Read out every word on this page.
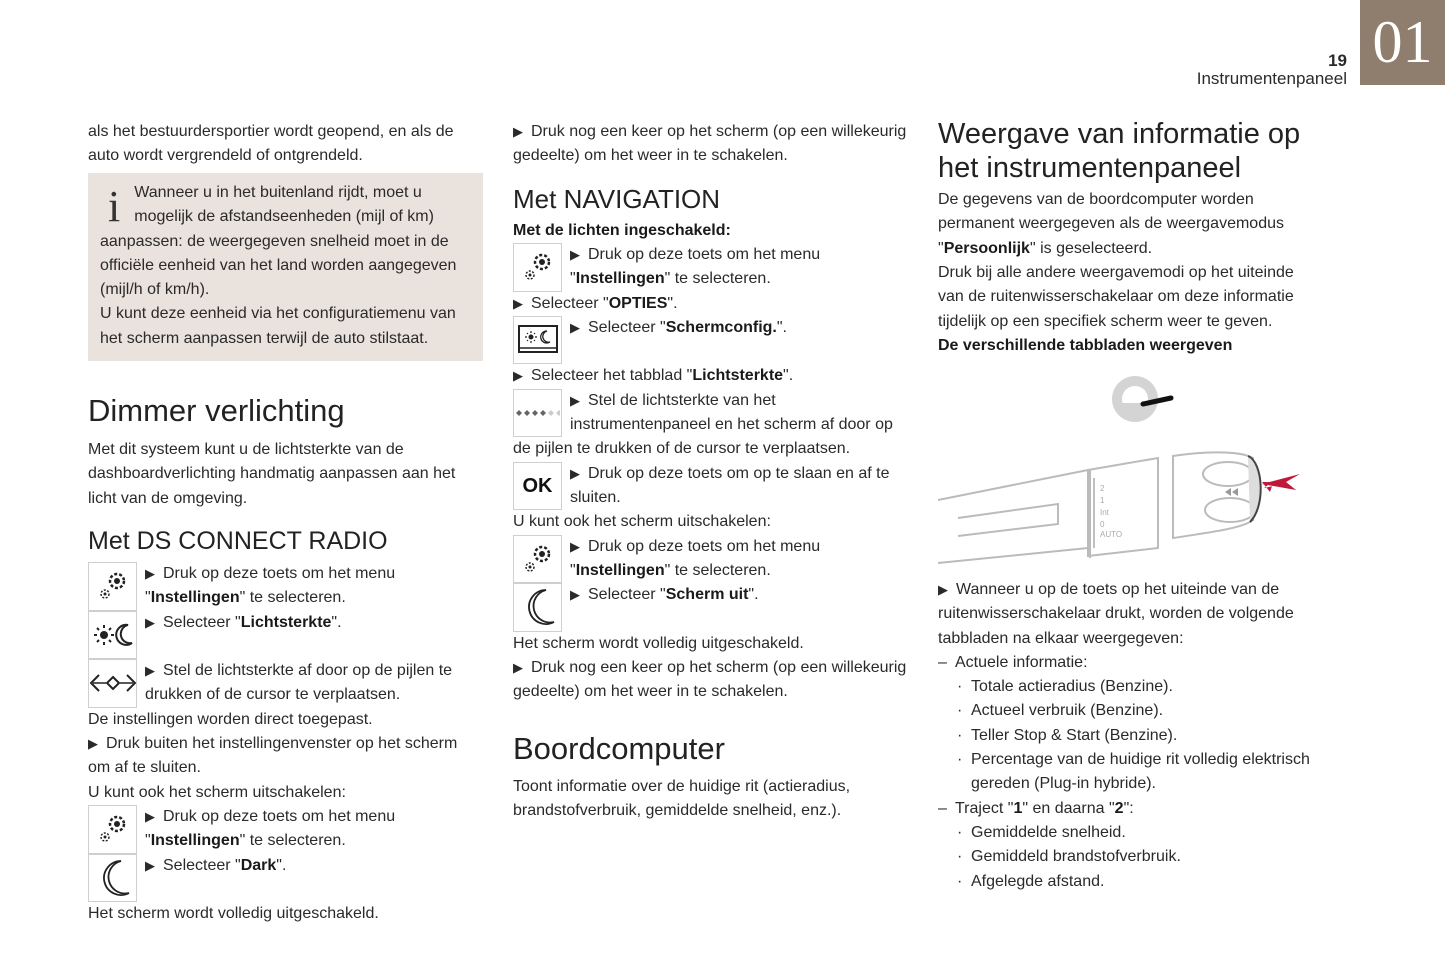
19
Instrumentenpaneel
01

als het bestuurdersportier wordt geopend, en als de auto wordt vergrendeld of ontgrendeld.

i Wanneer u in het buitenland rijdt, moet u mogelijk de afstandseenheden (mijl of km) aanpassen: de weergegeven snelheid moet in de officiële eenheid van het land worden aangegeven (mijl/h of km/h).

U kunt deze eenheid via het configuratiemenu van het scherm aanpassen terwijl de auto stilstaat.

Dimmer verlichting

Met dit systeem kunt u de lichtsterkte van de dashboardverlichting handmatig aanpassen aan het licht van de omgeving.

Met DS CONNECT RADIO

▶ Druk op deze toets om het menu "Instellingen" te selecteren.

▶ Selecteer "Lichtsterkte".

▶ Stel de lichtsterkte af door op de pijlen te drukken of de cursor te verplaatsen.

De instellingen worden direct toegepast.

▶ Druk buiten het instellingenvenster op het scherm om af te sluiten.

U kunt ook het scherm uitschakelen:

▶ Druk op deze toets om het menu "Instellingen" te selecteren.

▶ Selecteer "Dark".

Het scherm wordt volledig uitgeschakeld.

▶ Druk nog een keer op het scherm (op een willekeurig gedeelte) om het weer in te schakelen.

Met NAVIGATION

Met de lichten ingeschakeld:

▶ Druk op deze toets om het menu "Instellingen" te selecteren.

▶ Selecteer "OPTIES".

▶ Selecteer "Schermconfig.".

▶ Selecteer het tabblad "Lichtsterkte".

▶ Stel de lichtsterkte van het instrumentenpaneel en het scherm af door op de pijlen te drukken of de cursor te verplaatsen.

OK

▶ Druk op deze toets om op te slaan en af te sluiten.

U kunt ook het scherm uitschakelen:

▶ Druk op deze toets om het menu "Instellingen" te selecteren.

▶ Selecteer "Scherm uit".

Het scherm wordt volledig uitgeschakeld.

▶ Druk nog een keer op het scherm (op een willekeurig gedeelte) om het weer in te schakelen.

Boordcomputer

Toont informatie over de huidige rit (actieradius, brandstofverbruik, gemiddelde snelheid, enz.).

Weergave van informatie op het instrumentenpaneel

De gegevens van de boordcomputer worden permanent weergegeven als de weergavemodus "Persoonlijk" is geselecteerd.

Druk bij alle andere weergavemodi op het uiteinde van de ruitenwisserschakelaar om deze informatie tijdelijk op een specifiek scherm weer te geven.

De verschillende tabbladen weergeven

2
1
Int
0
AUTO

▶ Wanneer u op de toets op het uiteinde van de ruitenwisserschakelaar drukt, worden de volgende tabbladen na elkaar weergegeven:

– Actuele informatie:
· Totale actieradius (Benzine).
· Actueel verbruik (Benzine).
· Teller Stop & Start (Benzine).
· Percentage van de huidige rit volledig elektrisch gereden (Plug-in hybride).
– Traject "1" en daarna "2":
· Gemiddelde snelheid.
· Gemiddeld brandstofverbruik.
· Afgelegde afstand.
